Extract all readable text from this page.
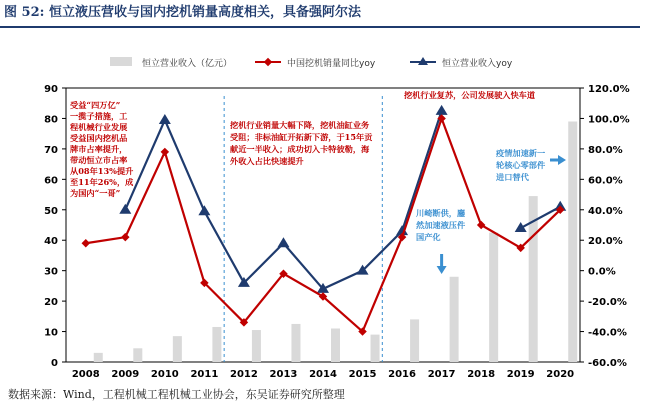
图 52: 恒立液压营收与国内挖机销量高度相关，具备强阿尔法
0
10
20
30
40
50
60
70
80
90
-60.0%
-40.0%
-20.0%
0.0%
20.0%
40.0%
60.0%
80.0%
100.0%
120.0%
2008 2009 2010 2011 2012 2013 2014 2015 2016 2017 2018 2019 2020
恒立营业收入（亿元）	中国挖机销量同比yoy	恒立营业收入yoy
受益“四万亿”
一揽子措施，工
程机械行业发展
受益国内挖机品
牌市占率提升，
带动恒立市占率
从08年13%提升
至11年26%，成
为国内“一哥”
挖机行业销量大幅下降，挖机油缸业务
受阻；非标油缸开拓新下游，于15年贡
献近一半收入；成功切入卡特彼勒，海
外收入占比快速提升
挖机行业复苏，公司发展驶入快车道
川崎断供，鏖
然加速液压件
国产化
疫情加速新一
轮核心零部件
进口替代
数据来源：Wind，工程机械工程机械工业协会，东吴证券研究所整理
